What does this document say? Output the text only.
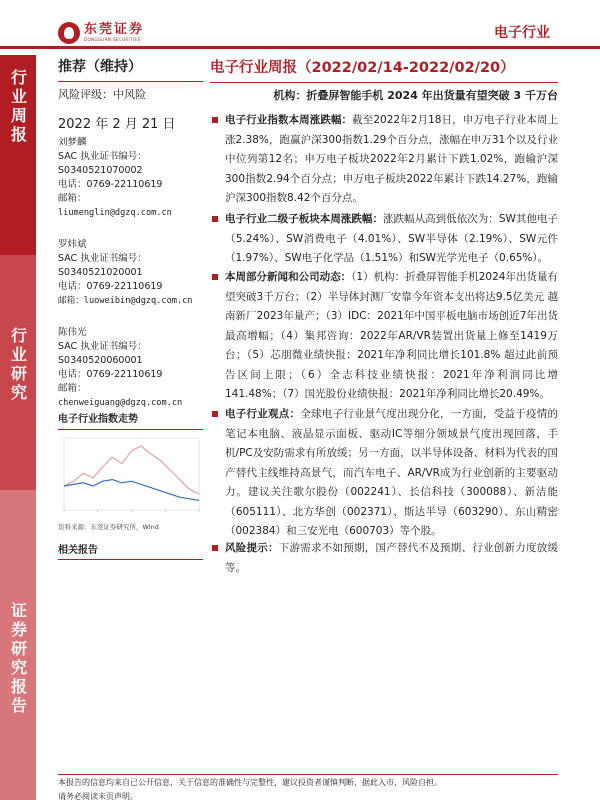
东莞证券
DONGGUAN SECURITIES	电子行业
行业周报
行业研究
证券研究报告
推荐（维持）
风险评级：中风险
2022 年 2 月 21 日
刘梦麟
SAC 执业证书编号：
S0340521070002
电话：0769-22110619
邮箱：
liumenglin@dgzq.com.cn
罗炜斌
SAC 执业证书编号：
S0340521020001
电话：0769-22110619
邮箱：luoweibin@dgzq.com.cn
陈伟光
SAC 执业证书编号：
S0340520060001
电话：0769-22110619
邮箱：
chenweiguang@dgzq.com.cn
电子行业指数走势
资料来源：东莞证券研究所，Wind
相关报告
电子行业周报（2022/02/14-2022/02/20）
机构：折叠屏智能手机 2024 年出货量有望突破 3 千万台
电子行业指数本周涨跌幅：截至2022年2月18日，申万电子行业本周上涨2.38%，跑赢沪深300指数1.29个百分点，涨幅在申万31个以及行业中位列第12名；申万电子板块2022年2月累计下跌1.02%，跑输沪深300指数2.94个百分点；申万电子板块2022年累计下跌14.27%，跑输沪深300指数8.42个百分点。
电子行业二级子板块本周涨跌幅：涨跌幅从高到低依次为：SW其他电子（5.24%）、SW消费电子（4.01%）、SW半导体（2.19%）、SW元件（1.97%）、SW电子化学品（1.51%）和SW光学光电子（0.65%）。
本周部分新闻和公司动态：（1）机构：折叠屏智能手机2024年出货量有望突破3千万台；（2）半导体封测厂安靠今年资本支出将达9.5亿美元 越南新厂2023年量产；（3）IDC：2021年中国平板电脑市场创近7年出货最高增幅；（4）集邦咨询：2022年AR/VR装置出货量上修至1419万台；（5）芯朋微业绩快报：2021年净利同比增长101.8% 超过此前预告区间上限；（6）全志科技业绩快报：2021年净利润同比增141.48%；（7）国光股份业绩快报：2021年净利同比增长20.49%。
电子行业观点：全球电子行业景气度出现分化，一方面，受益于疫情的笔记本电脑、液晶显示面板、驱动IC等细分领域景气度出现回落，手机/PC及安防需求有所放缓；另一方面，以半导体设备、材料为代表的国产替代主线维持高景气，而汽车电子、AR/VR成为行业创新的主要驱动力。建议关注歌尔股份（002241）、长信科技（300088）、新洁能（605111）、北方华创（002371）、斯达半导（603290）、东山精密（002384）和三安光电（600703）等个股。
风险提示：下游需求不如预期，国产替代不及预期、行业创新力度放缓等。
本报告的信息均来自已公开信息，关于信息的准确性与完整性，建议投资者谨慎判断，据此入市，风险自担。
请务必阅读末页声明。
